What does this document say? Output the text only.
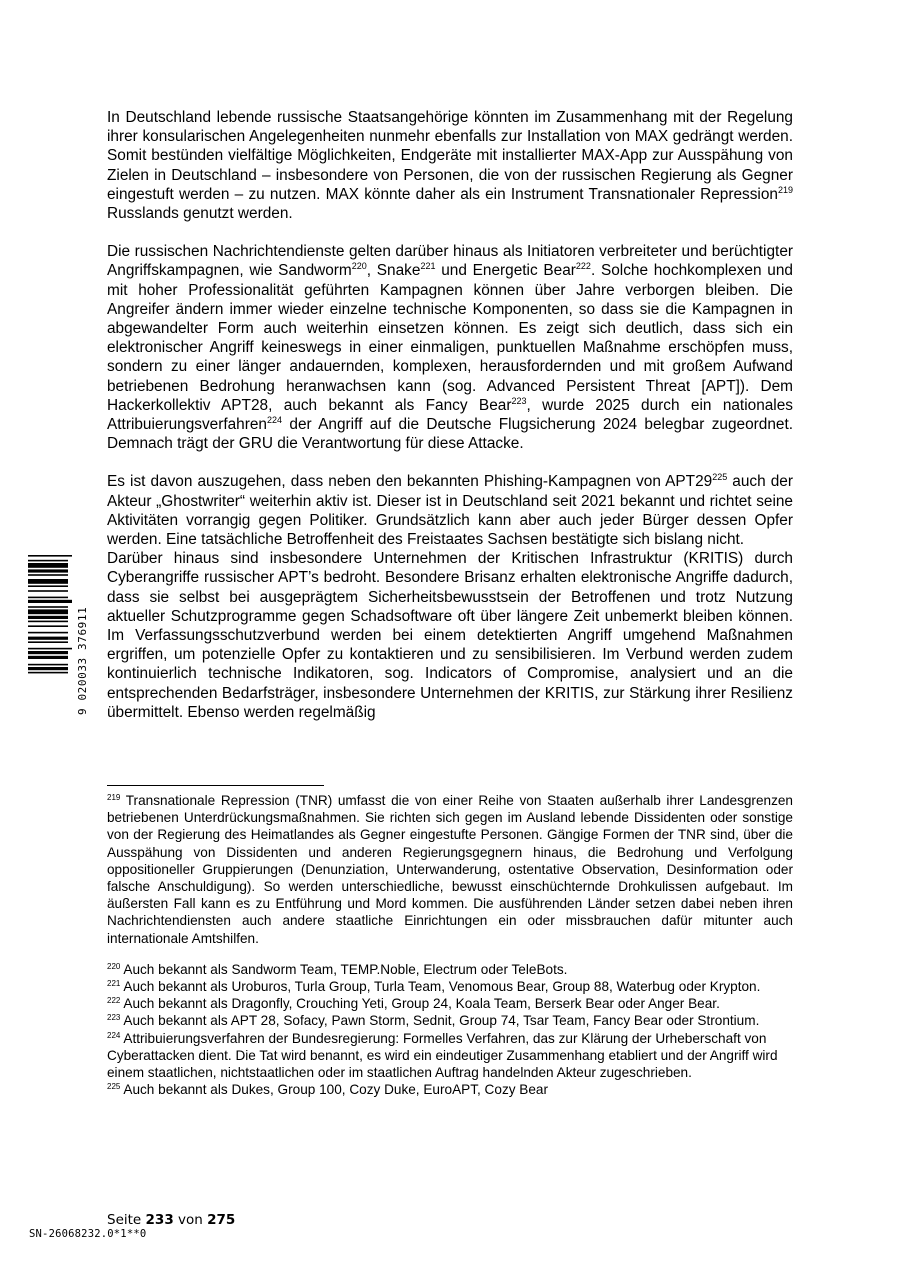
In Deutschland lebende russische Staatsangehörige könnten im Zusammenhang mit der Regelung ihrer konsularischen Angelegenheiten nunmehr ebenfalls zur Installation von MAX gedrängt werden. Somit bestünden vielfältige Möglichkeiten, Endgeräte mit installierter MAX-App zur Ausspähung von Zielen in Deutschland – insbesondere von Personen, die von der russischen Regierung als Gegner eingestuft werden – zu nutzen. MAX könnte daher als ein Instrument Transnationaler Repression$^{219}$ Russlands genutzt werden.

Die russischen Nachrichtendienste gelten darüber hinaus als Initiatoren verbreiteter und berüchtigter Angriffskampagnen, wie Sandworm$^{220}$, Snake$^{221}$ und Energetic Bear$^{222}$. Solche hochkomplexen und mit hoher Professionalität geführten Kampagnen können über Jahre verborgen bleiben. Die Angreifer ändern immer wieder einzelne technische Komponenten, so dass sie die Kampagnen in abgewandelter Form auch weiterhin einsetzen können. Es zeigt sich deutlich, dass sich ein elektronischer Angriff keineswegs in einer einmaligen, punktuellen Maßnahme erschöpfen muss, sondern zu einer länger andauernden, komplexen, herausfordernden und mit großem Aufwand betriebenen Bedrohung heranwachsen kann (sog. Advanced Persistent Threat [APT]). Dem Hackerkollektiv APT28, auch bekannt als Fancy Bear$^{223}$, wurde 2025 durch ein nationales Attribuierungsverfahren$^{224}$ der Angriff auf die Deutsche Flugsicherung 2024 belegbar zugeordnet. Demnach trägt der GRU die Verantwortung für diese Attacke.

Es ist davon auszugehen, dass neben den bekannten Phishing-Kampagnen von $APT29^{225}$ auch der Akteur „Ghostwriter“ weiterhin aktiv ist. Dieser ist in Deutschland seit 2021 bekannt und richtet seine Aktivitäten vorrangig gegen Politiker. Grundsätzlich kann aber auch jeder Bürger dessen Opfer werden. Eine tatsächliche Betroffenheit des Freistaates Sachsen bestätigte sich bislang nicht.

Darüber hinaus sind insbesondere Unternehmen der Kritischen Infrastruktur (KRITIS) durch Cyberangriffe russischer APT’s bedroht. Besondere Brisanz erhalten elektronische Angriffe dadurch, dass sie selbst bei ausgeprägtem Sicherheitsbewusstsein der Betroffenen und trotz Nutzung aktueller Schutzprogramme gegen Schadsoftware oft über längere Zeit unbemerkt bleiben können. Im Verfassungsschutzverbund werden bei einem detektierten Angriff umgehend Maßnahmen ergriffen, um potenzielle Opfer zu kontaktieren und zu sensibilisieren. Im Verbund werden zudem kontinuierlich technische Indikatoren, sog. Indicators of Compromise, analysiert und an die entsprechenden Bedarfsträger, insbesondere Unternehmen der KRITIS, zur Stärkung ihrer Resilienz übermittelt. Ebenso werden regelmäßig

$^{219}$ Transnationale Repression (TNR) umfasst die von einer Reihe von Staaten außerhalb ihrer Landesgrenzen betriebenen Unterdrückungsmaßnahmen. Sie richten sich gegen im Ausland lebende Dissidenten oder sonstige von der Regierung des Heimatlandes als Gegner eingestufte Personen. Gängige Formen der TNR sind, über die Ausspähung von Dissidenten und anderen Regierungsgegnern hinaus, die Bedrohung und Verfolgung oppositioneller Gruppierungen (Denunziation, Unterwanderung, ostentative Observation, Desinformation oder falsche Anschuldigung). So werden unterschiedliche, bewusst einschüchternde Drohkulissen aufgebaut. Im äußersten Fall kann es zu Entführung und Mord kommen. Die ausführenden Länder setzen dabei neben ihren Nachrichtendiensten auch andere staatliche Einrichtungen ein oder missbrauchen dafür mitunter auch internationale Amtshilfen.

$^{220}$ Auch bekannt als Sandworm Team, TEMP.Noble, Electrum oder TeleBots.

$^{221}$ Auch bekannt als Uroburos, Turla Group, Turla Team, Venomous Bear, Group 88, Waterbug oder Krypton.

$^{222}$ Auch bekannt als Dragonfly, Crouching Yeti, Group 24, Koala Team, Berserk Bear oder Anger Bear.

$^{223}$ Auch bekannt als APT 28, Sofacy, Pawn Storm, Sednit, Group 74, Tsar Team, Fancy Bear oder Strontium.

$^{224}$ Attribuierungsverfahren der Bundesregierung: Formelles Verfahren, das zur Klärung der Urheberschaft von Cyberattacken dient. Die Tat wird benannt, es wird ein eindeutiger Zusammenhang etabliert und der Angriff wird einem staatlichen, nichtstaatlichen oder im staatlichen Auftrag handelnden Akteur zugeschrieben.

$^{225}$ Auch bekannt als Dukes, Group 100, Cozy Duke, EuroAPT, Cozy Bear

Seite 233 von 275
SN-26068232.0*1**0
9 020033 376911
